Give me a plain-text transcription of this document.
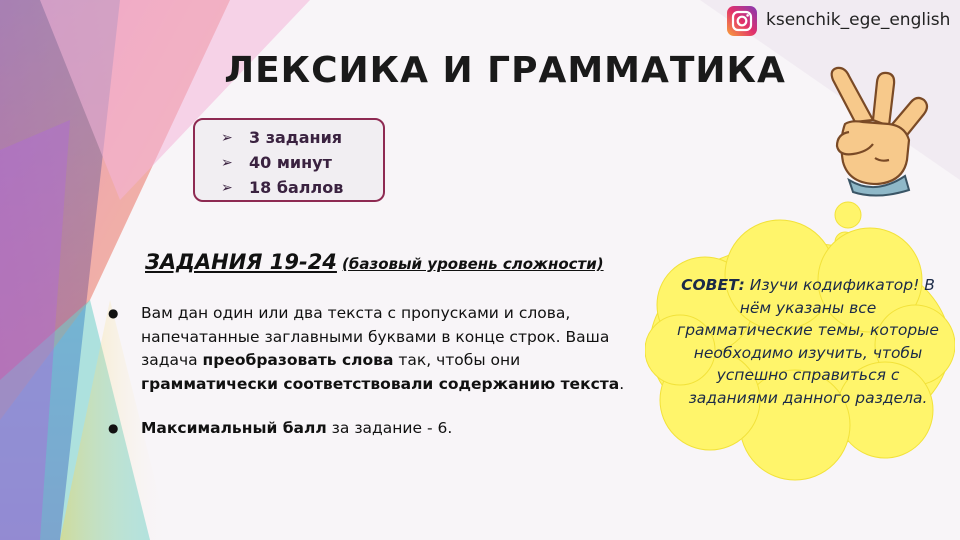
ksenchik_ege_english
ЛЕКСИКА И ГРАММАТИКА
➢	3 задания
➢	40 минут
➢	18 баллов
ЗАДАНИЯ 19-24 (базовый уровень сложности)
● Вам дан один или два текста с пропусками и слова, напечатанные заглавными буквами в конце строк. Ваша задача преобразовать слова так, чтобы они грамматически соответствовали содержанию текста.
● Максимальный балл за задание - 6.
СОВЕТ: Изучи кодификатор! В нём указаны все грамматические темы, которые необходимо изучить, чтобы успешно справиться с заданиями данного раздела.
